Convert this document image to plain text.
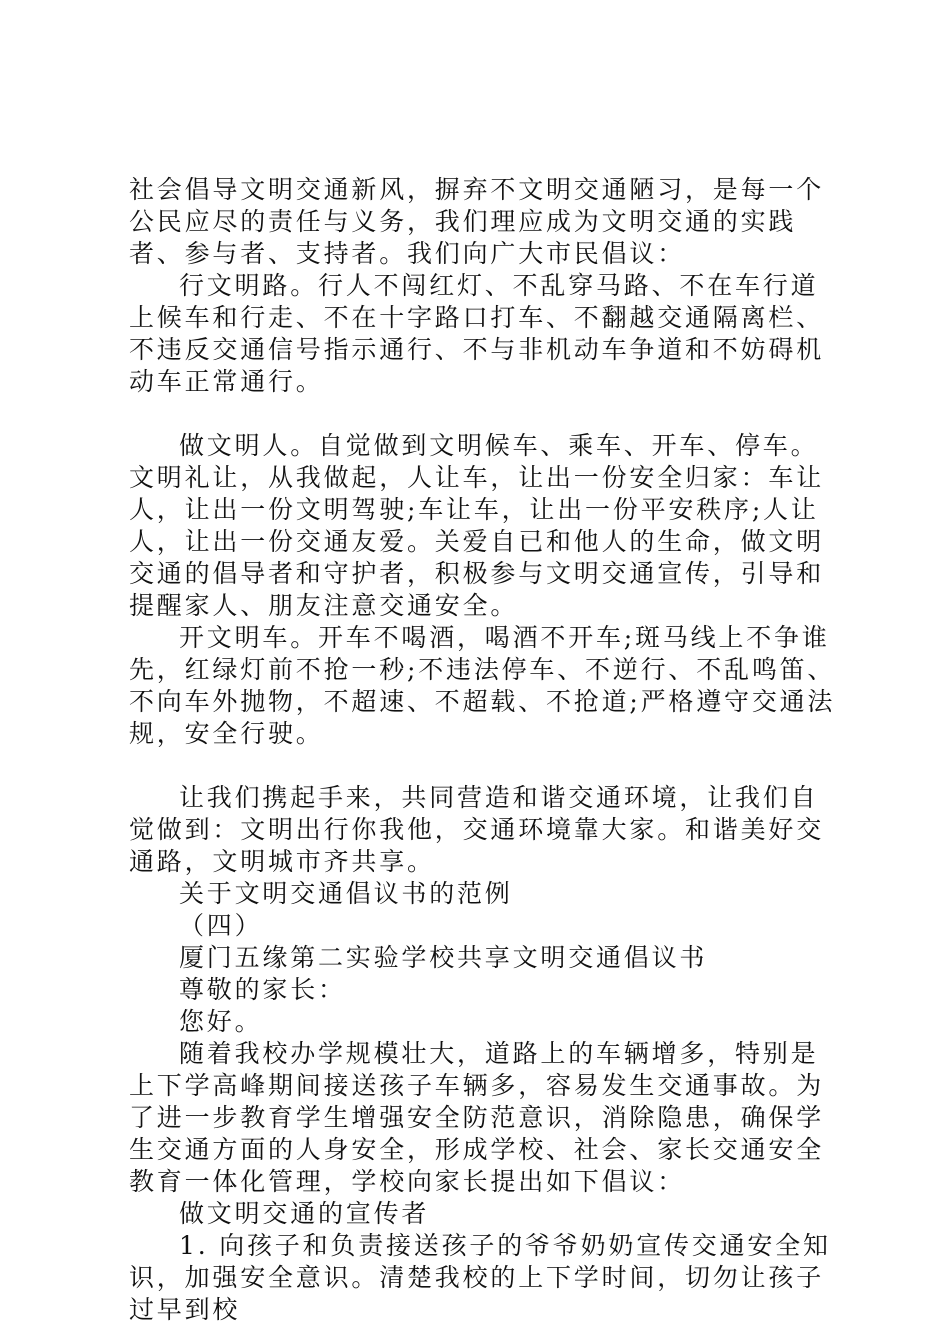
社会倡导文明交通新风，摒弃不文明交通陋习，是每一个公民应尽的责任与义务，我们理应成为文明交通的实践者、参与者、支持者。我们向广大市民倡议：

行文明路。行人不闯红灯、不乱穿马路、不在车行道上候车和行走、不在十字路口打车、不翻越交通隔离栏、不违反交通信号指示通行、不与非机动车争道和不妨碍机动车正常通行。

做文明人。自觉做到文明候车、乘车、开车、停车。文明礼让，从我做起，人让车，让出一份安全归家：车让人，让出一份文明驾驶;车让车，让出一份平安秩序;人让人，让出一份交通友爱。关爱自已和他人的生命，做文明交通的倡导者和守护者，积极参与文明交通宣传，引导和提醒家人、朋友注意交通安全。

开文明车。开车不喝酒，喝酒不开车;斑马线上不争谁先，红绿灯前不抢一秒;不违法停车、不逆行、不乱鸣笛、不向车外抛物，不超速、不超载、不抢道;严格遵守交通法规，安全行驶。

让我们携起手来，共同营造和谐交通环境，让我们自觉做到：文明出行你我他，交通环境靠大家。和谐美好交通路，文明城市齐共享。

关于文明交通倡议书的范例

（四）

厦门五缘第二实验学校共享文明交通倡议书

尊敬的家长：

您好。

随着我校办学规模壮大，道路上的车辆增多，特别是上下学高峰期间接送孩子车辆多，容易发生交通事故。为了进一步教育学生增强安全防范意识，消除隐患，确保学生交通方面的人身安全，形成学校、社会、家长交通安全教育一体化管理，学校向家长提出如下倡议：

做文明交通的宣传者

1. 向孩子和负责接送孩子的爷爷奶奶宣传交通安全知识，加强安全意识。清楚我校的上下学时间，切勿让孩子过早到校
